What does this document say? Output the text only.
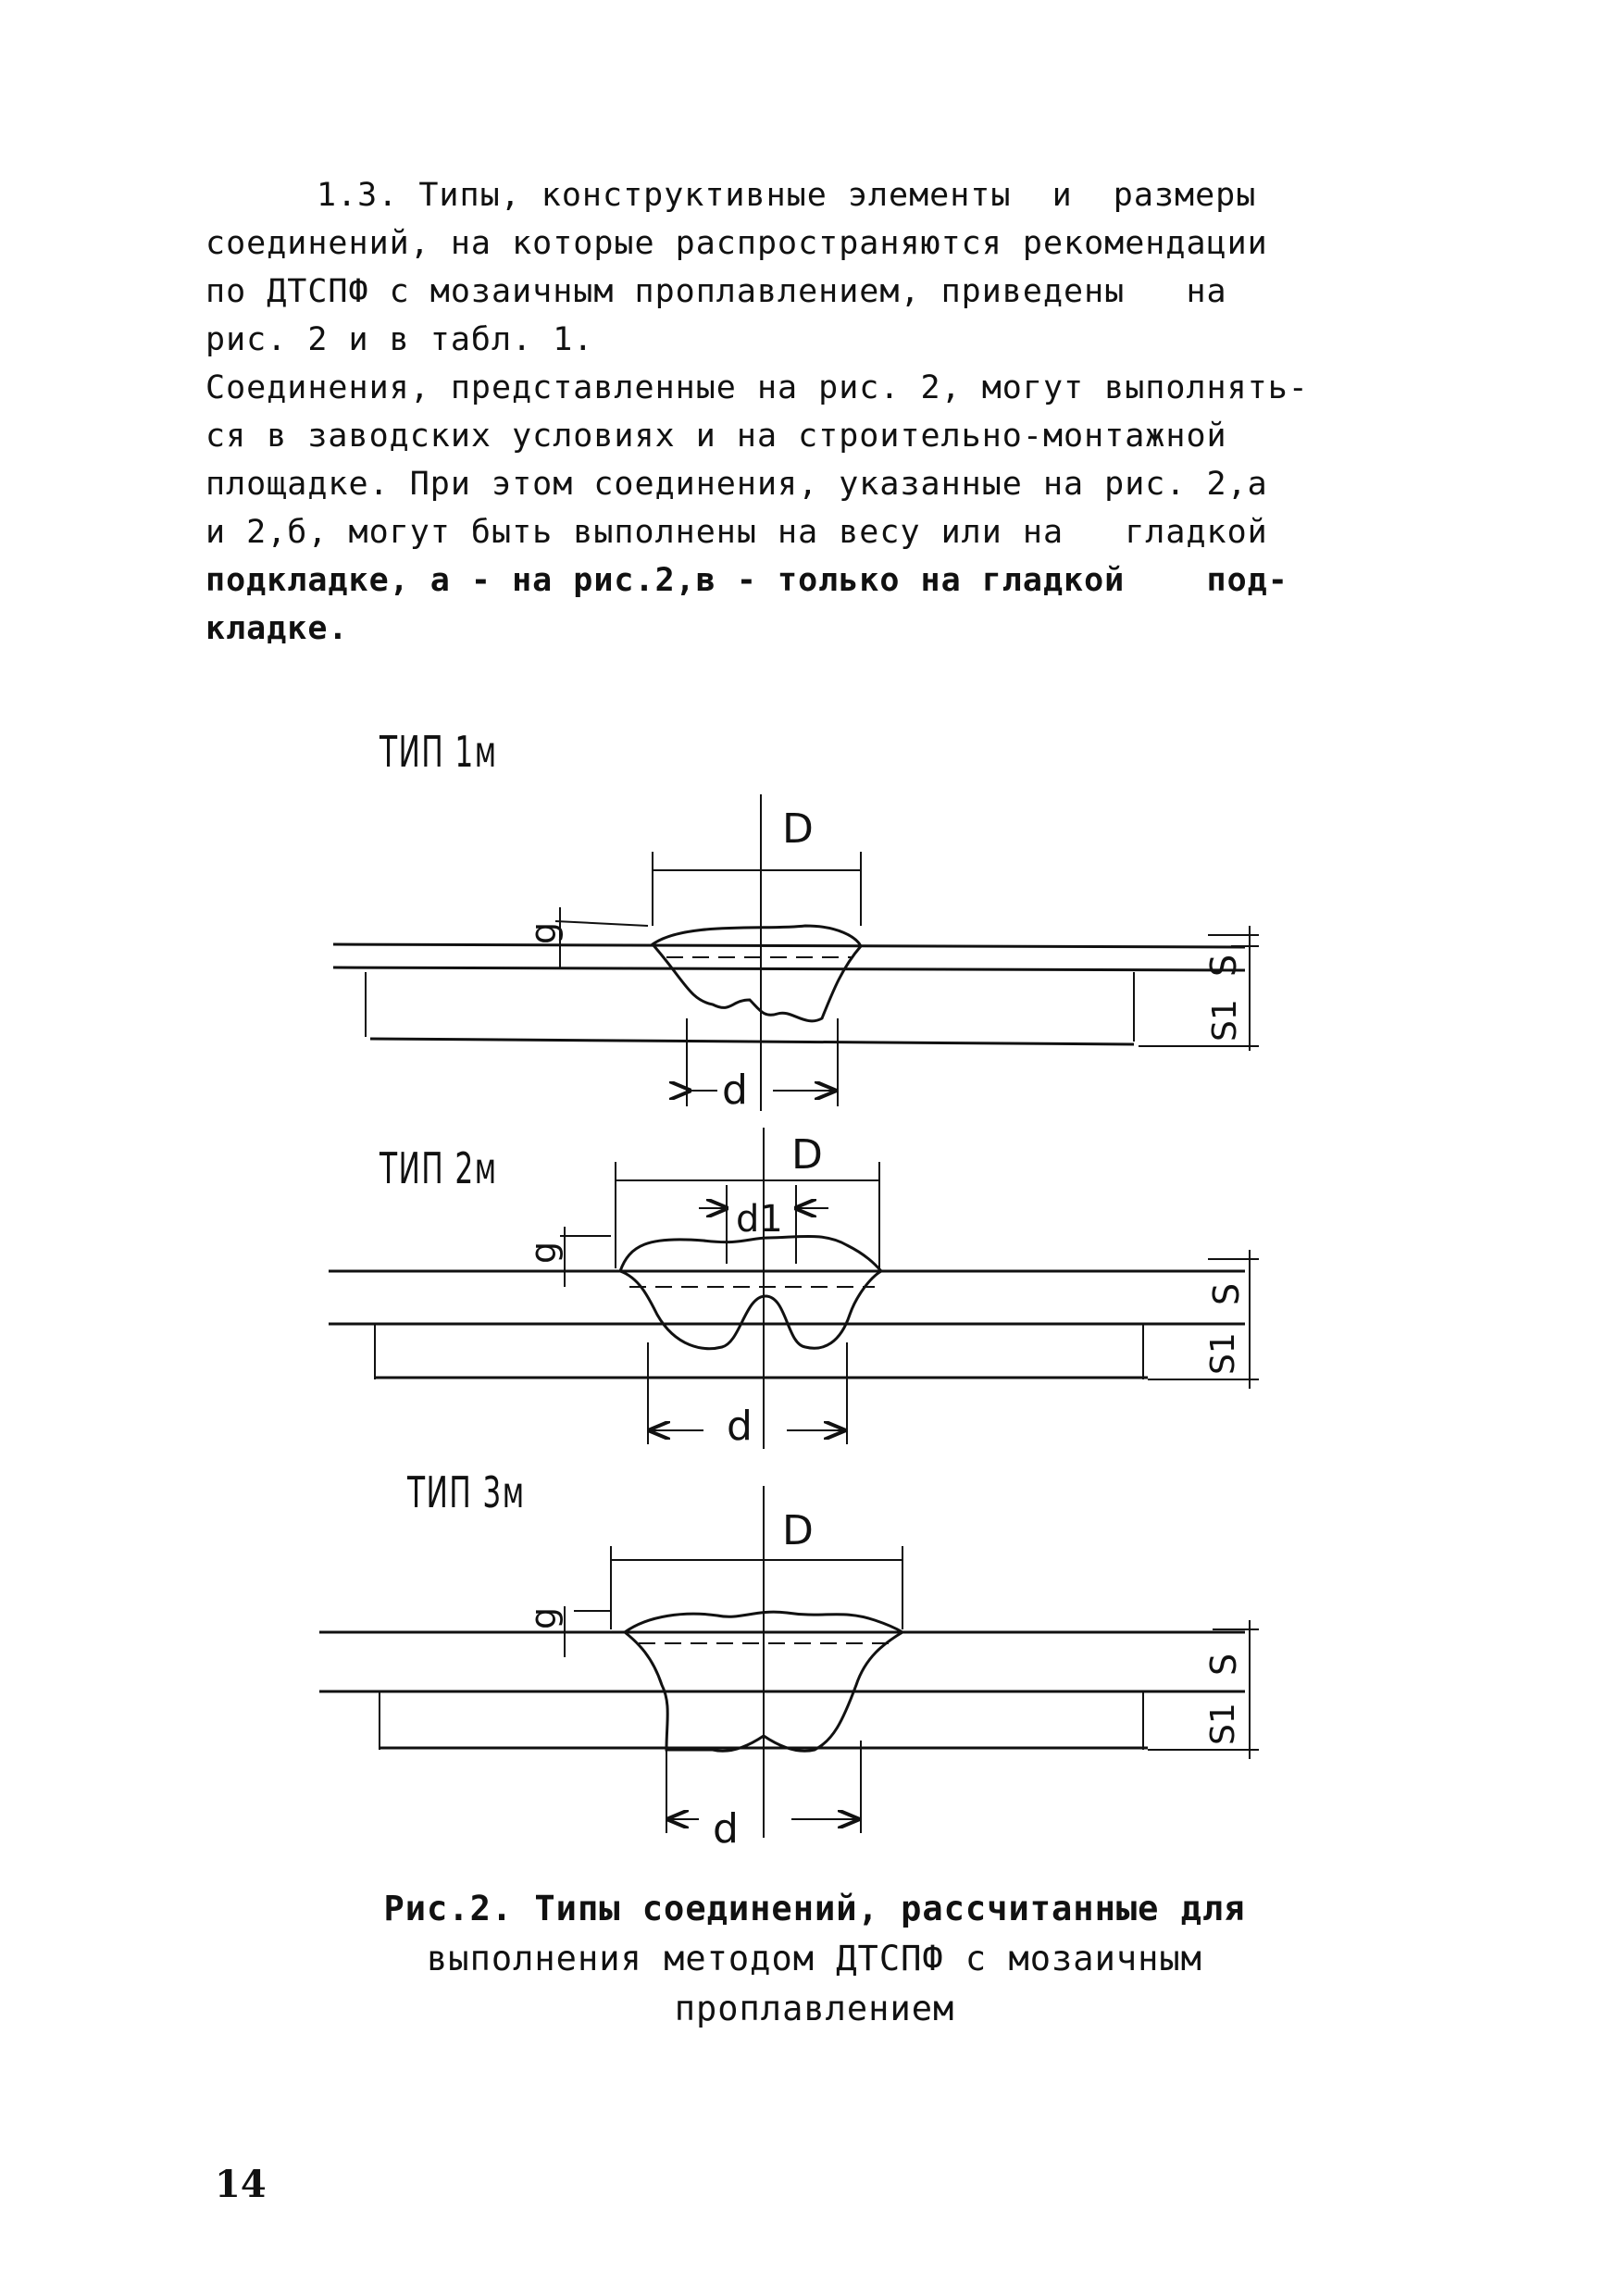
1.3. Типы, конструктивные элементы  и  размеры
соединений, на которые распространяются рекомендации
по ДТСПФ с мозаичным проплавлением, приведены   на
рис. 2 и в табл. 1.
Соединения, представленные на рис. 2, могут выполнять-
ся в заводских условиях и на строительно-монтажной
площадке. При этом соединения, указанные на рис. 2,а
и 2,б, могут быть выполнены на весу или на   гладкой
подкладке, а - на рис.2,в - только на гладкой    под-
кладке.
ТИП 1м
ТИП 2м
ТИП 3м
D
d
g
S
S1
D
d1
d
g
S
S1
D
d
g
S
S1
Рис.2. Типы соединений, рассчитанные для
выполнения методом ДТСПФ с мозаичным
проплавлением
14
